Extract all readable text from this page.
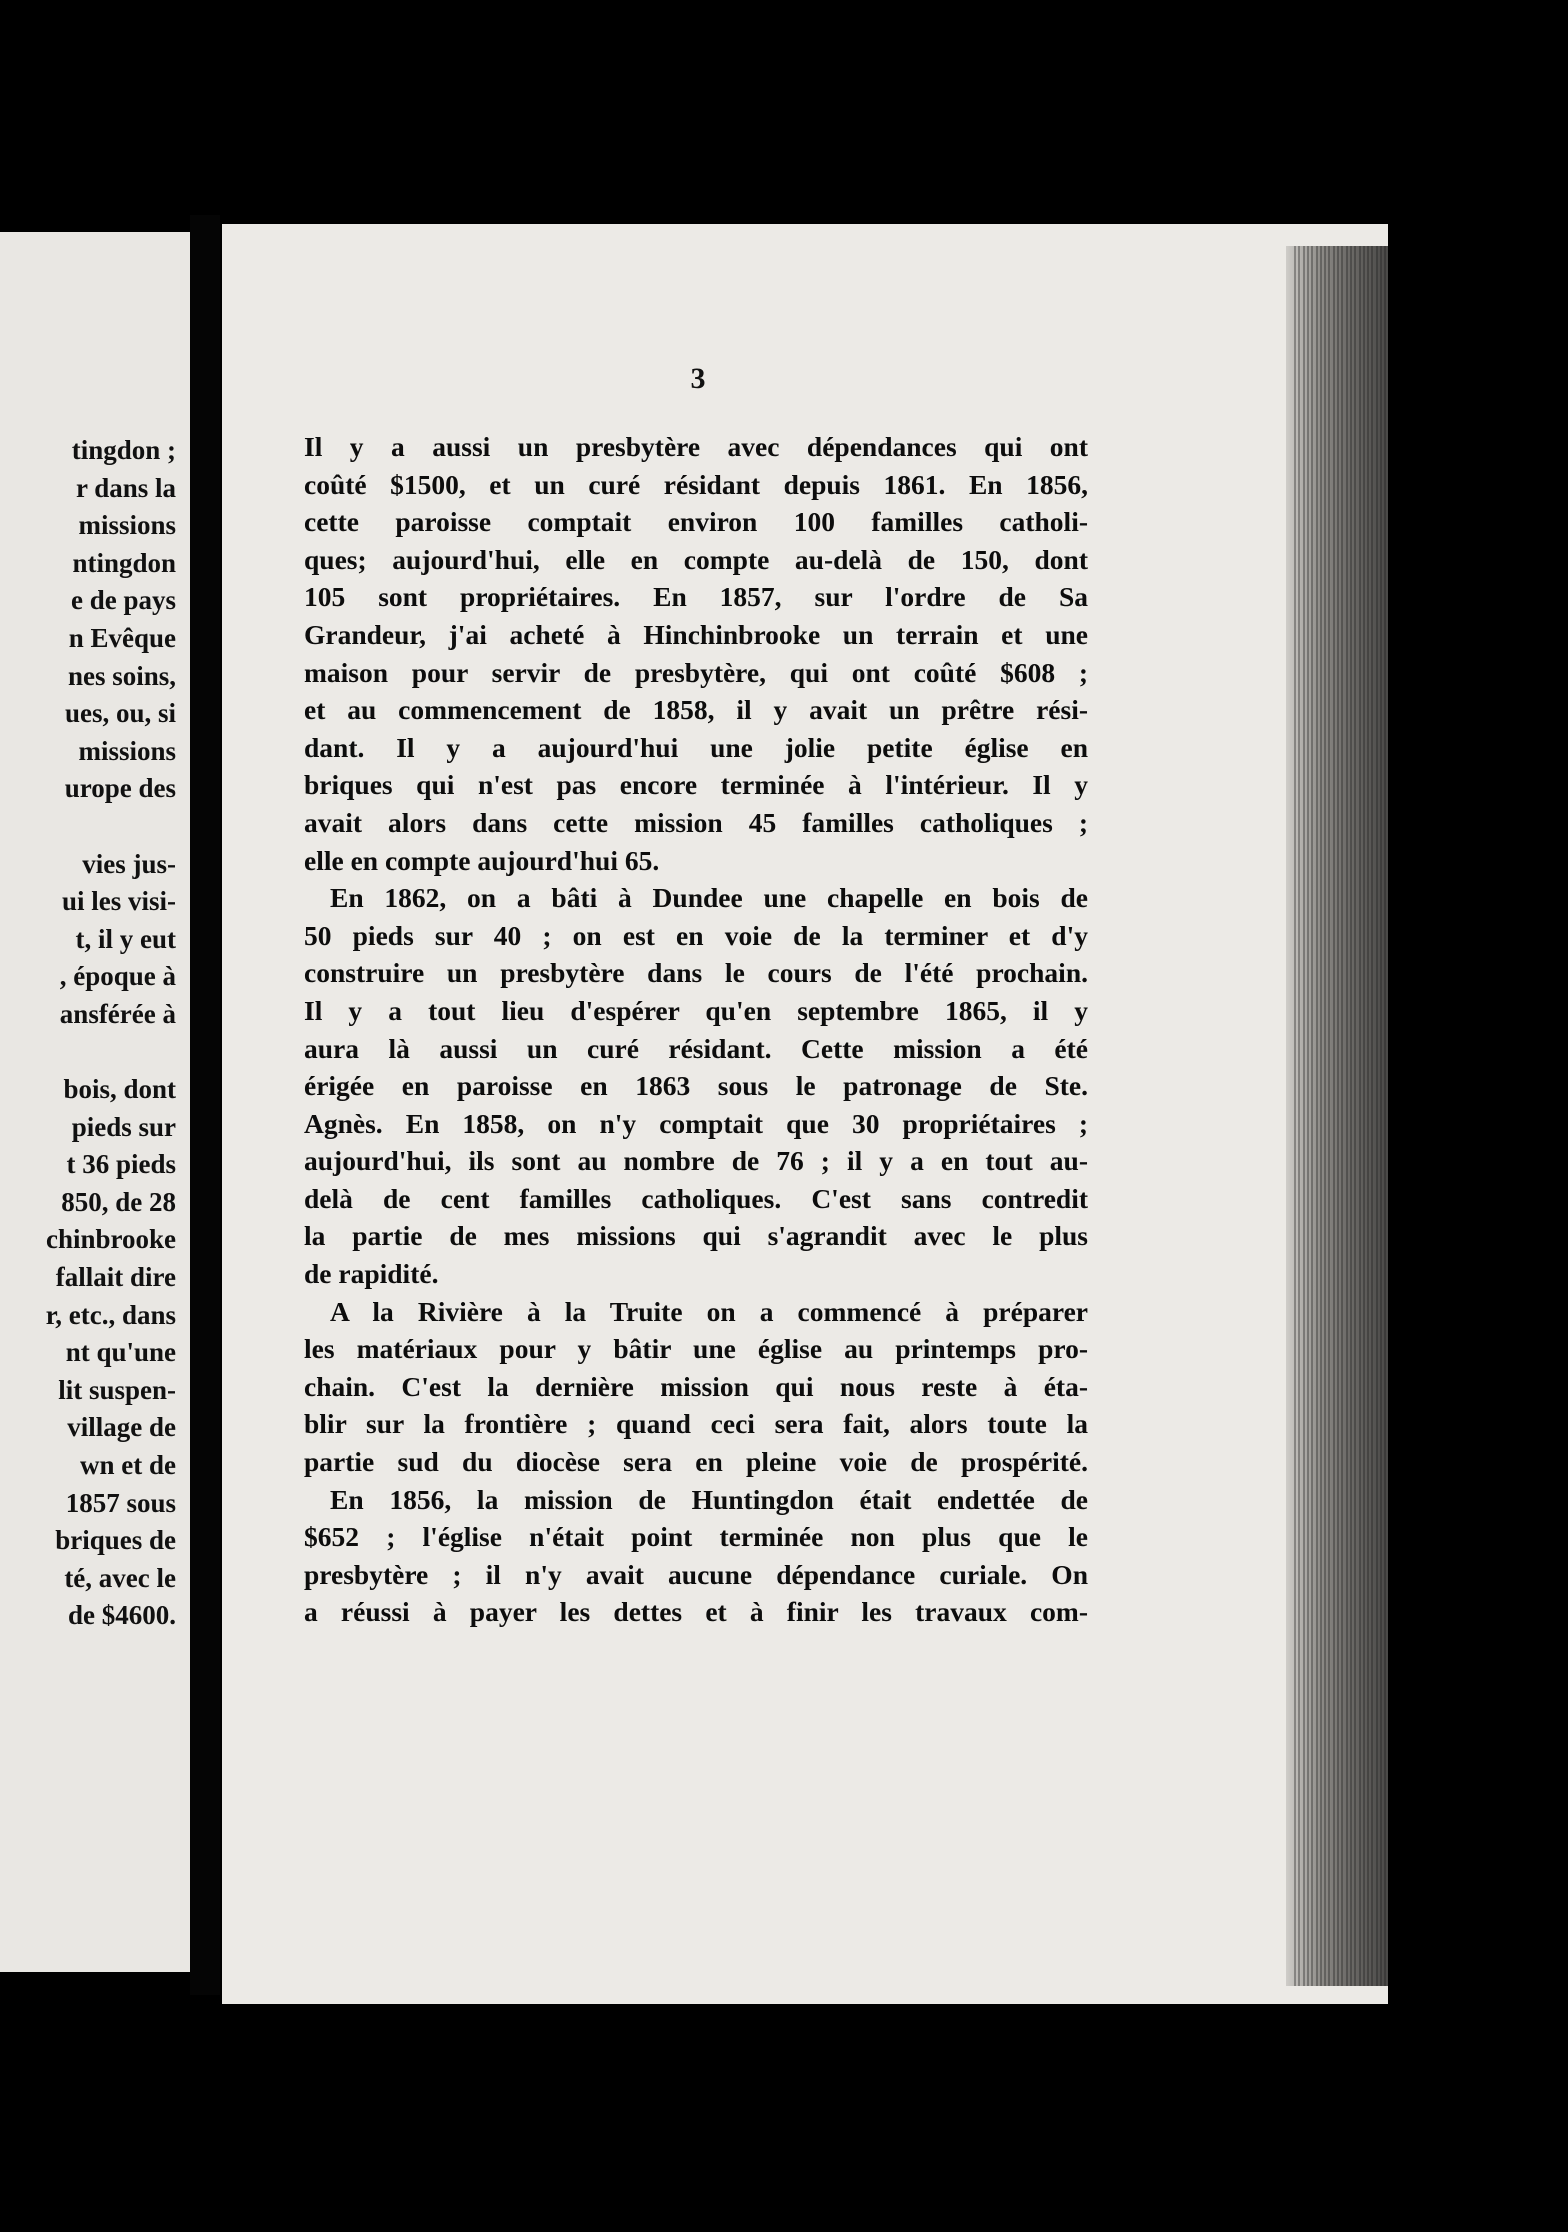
tingdon ;
r dans la
missions
ntingdon
e de pays
n Evêque
nes soins,
ues, ou, si
missions
urope des
vies jus-
ui les visi-
t, il y eut
, époque à
ansférée à
bois, dont
pieds sur
t 36 pieds
850, de 28
chinbrooke
fallait dire
r, etc., dans
nt qu'une
lit suspen-
village de
wn et de
1857 sous
briques de
té, avec le
de $4600.
3
Il y a aussi un presbytère avec dépendances qui ont
coûté $1500, et un curé résidant depuis 1861. En 1856,
cette paroisse comptait environ 100 familles catholi-
ques; aujourd'hui, elle en compte au-delà de 150, dont
105 sont propriétaires. En 1857, sur l'ordre de Sa
Grandeur, j'ai acheté à Hinchinbrooke un terrain et une
maison pour servir de presbytère, qui ont coûté $608 ;
et au commencement de 1858, il y avait un prêtre rési-
dant. Il y a aujourd'hui une jolie petite église en
briques qui n'est pas encore terminée à l'intérieur. Il y
avait alors dans cette mission 45 familles catholiques ;
elle en compte aujourd'hui 65.
En 1862, on a bâti à Dundee une chapelle en bois de
50 pieds sur 40 ; on est en voie de la terminer et d'y
construire un presbytère dans le cours de l'été prochain.
Il y a tout lieu d'espérer qu'en septembre 1865, il y
aura là aussi un curé résidant. Cette mission a été
érigée en paroisse en 1863 sous le patronage de Ste.
Agnès. En 1858, on n'y comptait que 30 propriétaires ;
aujourd'hui, ils sont au nombre de 76 ; il y a en tout au-
delà de cent familles catholiques. C'est sans contredit
la partie de mes missions qui s'agrandit avec le plus
de rapidité.
A la Rivière à la Truite on a commencé à préparer
les matériaux pour y bâtir une église au printemps pro-
chain. C'est la dernière mission qui nous reste à éta-
blir sur la frontière ; quand ceci sera fait, alors toute la
partie sud du diocèse sera en pleine voie de prospérité.
En 1856, la mission de Huntingdon était endettée de
$652 ; l'église n'était point terminée non plus que le
presbytère ; il n'y avait aucune dépendance curiale. On
a réussi à payer les dettes et à finir les travaux com-
